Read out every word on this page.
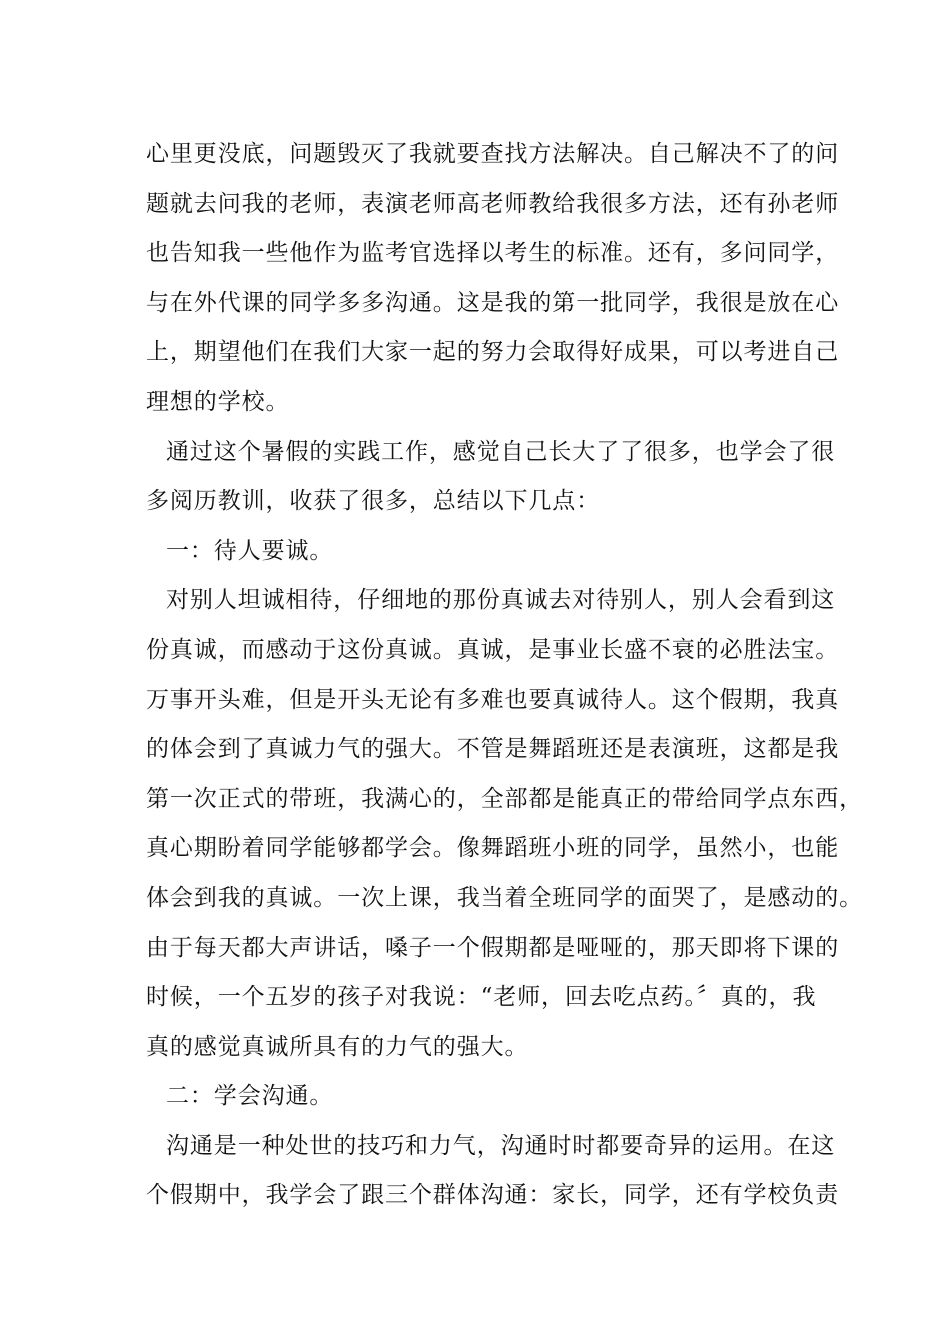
心里更没底，问题毁灭了我就要查找方法解决。自己解决不了的问
题就去问我的老师，表演老师高老师教给我很多方法，还有孙老师
也告知我一些他作为监考官选择以考生的标准。还有，多问同学，
与在外代课的同学多多沟通。这是我的第一批同学，我很是放在心
上，期望他们在我们大家一起的努力会取得好成果，可以考进自己
理想的学校。
通过这个暑假的实践工作，感觉自己长大了了很多，也学会了很
多阅历教训，收获了很多，总结以下几点：
一：待人要诚。
对别人坦诚相待，仔细地的那份真诚去对待别人，别人会看到这
份真诚，而感动于这份真诚。真诚，是事业长盛不衰的必胜法宝。
万事开头难，但是开头无论有多难也要真诚待人。这个假期，我真
的体会到了真诚力气的强大。不管是舞蹈班还是表演班，这都是我
第一次正式的带班，我满心的，全部都是能真正的带给同学点东西，
真心期盼着同学能够都学会。像舞蹈班小班的同学，虽然小，也能
体会到我的真诚。一次上课，我当着全班同学的面哭了，是感动的。
由于每天都大声讲话，嗓子一个假期都是哑哑的，那天即将下课的
时候，一个五岁的孩子对我说：“老师，回去吃点药。〞真的，我
真的感觉真诚所具有的力气的强大。
二：学会沟通。
沟通是一种处世的技巧和力气，沟通时时都要奇异的运用。在这
个假期中，我学会了跟三个群体沟通：家长，同学，还有学校负责
